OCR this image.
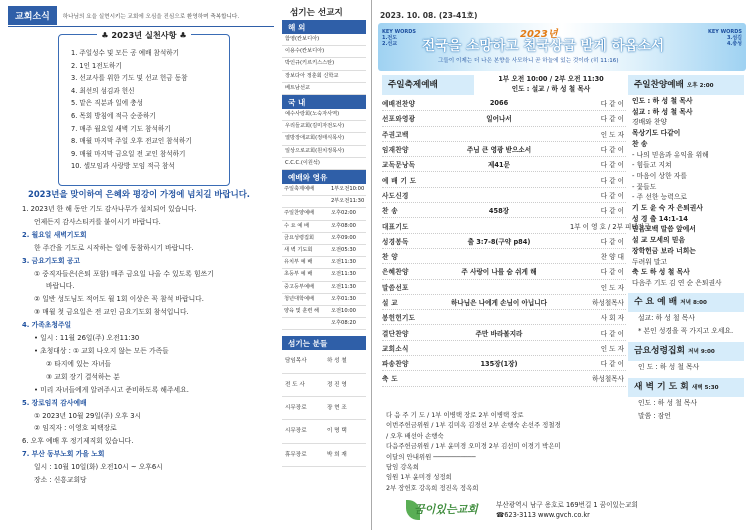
교회소식	하나님의 요을 실현시키는 교회에 오심을 진심으로 환영하며 축복합니다.
♣ 2023년 실천사항 ♣
1. 주일성수 및 모든 공 예배 참석하기
2. 1인 1전도하기
3. 선교사를 위한 기도 및 선교 헌금 동참
4. 최선의 섬김과 헌신
5. 맡은 직분과 일에 충성
6. 목회 방침에 적극 순종하기
7. 매주 월요일 새벽 기도 참석하기
8. 매월 마지막 주일 오후 전교인 참석하기
9. 매월 마지막 금요일 전 교인 참석하기
10. 셀모임과 사랑방 모임 적극 참석
2023년을 맞이하여 은혜와 평강이 가정에 넘치길 바랍니다.
1. 2023년 한 해 동안 기도 감사나무가 설치되어 있습니다.
언제든지 감사스티커를 붙이시기 바랍니다.
2. 월요일 새벽기도회
한 주간을 기도로 시작하는 일에 동참하시기 바랍니다.
3. 금요기도회 공고
① 중직자들은(은퇴 포함) 매주 금요일 나올 수 있도록 힘쓰기
바랍니다.
② 일반 성도님도 적어도 월 1회 이상은 꼭 참석 바랍니다.
③ 매월 첫 금요일은 전 교인 금요기도회 참석입니다.
4. 가족초청주일
• 일시 : 11월 26일(주) 오전11:30
• 초청대상 : ① 교회 나오지 않는 모든 가족들
② 타지에 있는 자녀들
③ 교회 장기 결석하는 분
• 미리 자녀들에게 알려주시고 준비하도록 해주세요.
5. 장로임직 감사예배
① 2023년 10월 29일(주) 오후 3시
② 임직자 : 이영호 피택장로
6. 오후 예배 후 정기제직회 있습니다.
7. 부산 동부노회 가을 노회
일시 : 10월 10일(화) 오전10시 ~ 오후6시
장소 : 신흥교회당
섬기는 선교지
해 외
함영(칸보디아)
이용수(칸보디아)
박인규(키르키스스탄)
장보다아 정훈회 신학교
베트남선교
국 내
예수사랑회(노숙자사역)
우리들교회(김미자전도사)
열방장애교회(정태식목사)
일상으로교회(원치정목사)
C.C.C.(이원석)
예배와 영유
주일축제예배	1부오전10:00
2부오전11:30
주일찬양예배	오후02:00
수 요 예 배	오후08:00
금요성령집회	오후09:00
새 벽 기도회	오전05:30
유치부 예 배	오전11:30
초등부 예 배	오전11:30
중고등부예배	오전11:30
청년대학예배	오후01:30
양육 및 훈련 해	오전10:00
오후08:20
섬기는 분들
담임목사	하 성 철
전 도 사	정 진 영
시무장로	장 현 조
시무장로	이 명 택
휴무장로	박 희 재
2023. 10. 08. (23-41호)
KEY WORDS
1.전도
2.선교
KEY WORDS
3.섬김
4.충성
2023년
전국을 소망하고 천국상급 받게 하옵소서
그들이 이제는 더 나은 본향을 사모하니 곧 하늘에 있는 것이라 (히 11:16)
주일축제예배
1부 오전 10:00 / 2부 오전 11:30
인도 : 설교 / 하 성 철 목사	주일찬양예배 오후 2:00
예배전찬양	2066	다 같 이
선포와영광	일어나서	다 같 이
주권고백	인 도 자
임재찬양	주님 큰 영광 받으소서	다 같 이
교독문낭독	제41문	다 같 이
예 배 기 도	다 같 이
사도신경	다 같 이
찬 송	458장	다 같 이
대표기도	1부 이 영 호 / 2부 피택장로
성경봉독	출 3:7-8(구약 p84)	다 같 이
찬 양	찬 양 대
은혜찬양	주 사랑이 나를 숨 쉬게 해	다 같 이
말씀선포	인 도 자
설 교	하나님은 나에게 손님이 아닙니다	하성철목사
봉헌헌기도	사 회 자
결단찬양	주만 바라볼지라	다 같 이
교회소식	인 도 자
파송찬양	135장(1장)	다 같 이
축 도	하성철목사
인도 : 하 성 철 목사
설교 : 하 성 철 목사
경배와 찬양
목상기도 다같이
찬 송
- 나의 믿음과 유익을 위해
- 힘들고 지쳐
- 마음이 상한 자를
- 꽃들도
- 주 선한 능력으로
기 도 윤 숙 자 은퇴권사
성 경 출 14:1-14
믿음고백 말씀 앞에서
설 교 모세의 믿음
장학헌금 보라 너희는
두려워 말고
축 도 하 성 철 목사
다음주 기도 김 연 순 은퇴권사
수 요 예 배 저녁 8:00
설교: 하 성 철 목사
* 본인 성경을 꼭 가지고 오세요.
금요성령집회 저녁 9:00
인 도 : 하 성 철 목사
새 벽 기 도 회 새벽 5:30
인도 : 하 성 철 목사
말씀 : 잠언
다 음 주 기 도 / 1부 이병택 장로 2부 이병택 장로
이번주헌금위원 / 1부 김미옥 김경선 2부 손행숙 손선주 정철경
/ 오후 배선아 손행숙
다음주헌금위원 / 1부 윤미경 오미경 2부 김선미 이경기 박은미
이달의 안내위원 ───────────
담임 강옥희
임원 1부 윤미경 성정희
2부 장헌호 강옥희 정진옥 정옥희
꿈이있는교회	부산광역시 남구 용호로 169번길 1 꿈이있는교회
☎623-3113 www.gvch.co.kr
